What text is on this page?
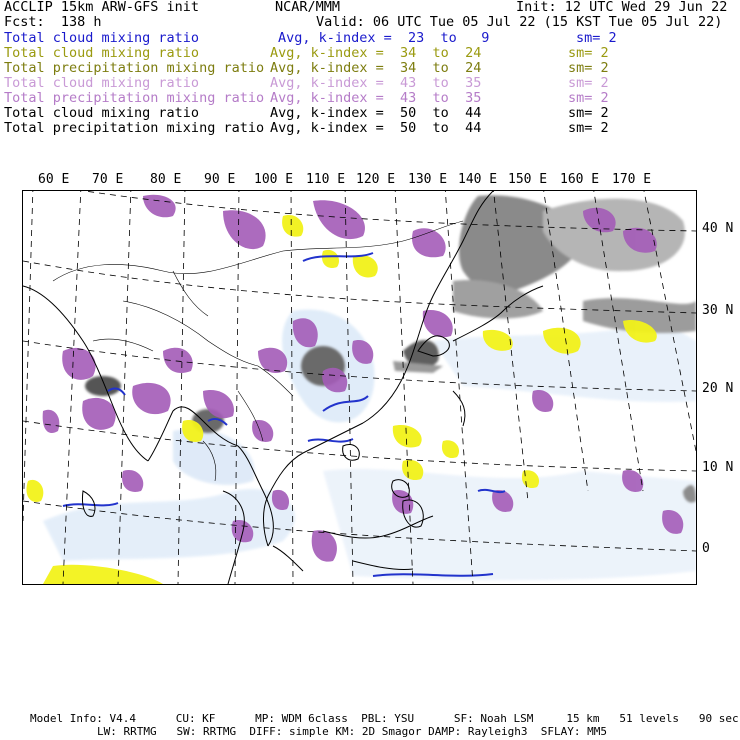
ACCLIP 15km ARW-GFS init	NCAR/MMM	Init: 12 UTC Wed 29 Jun 22
Fcst:  138 h	Valid: 06 UTC Tue 05 Jul 22 (15 KST Tue 05 Jul 22)
Total cloud mixing ratio	Avg, k-index =  23  to   9	sm= 2
Total cloud mixing ratio	Avg, k-index =  34  to  24	sm= 2
Total precipitation mixing ratio Avg, k-index =  34  to  24	sm= 2
Total cloud mixing ratio	Avg, k-index =  43  to  35	sm= 2
Total precipitation mixing ratio Avg, k-index =  43  to  35	sm= 2
Total cloud mixing ratio	Avg, k-index =  50  to  44	sm= 2
Total precipitation mixing ratio Avg, k-index =  50  to  44	sm= 2
60 E 70 E 80 E 90 E 100 E 110 E 120 E 130 E 140 E 150 E 160 E 170 E
40 N
30 N
20 N
10 N
0
Model Info: V4.4      CU: KF      MP: WDM 6class  PBL: YSU      SF: Noah LSM     15 km   51 levels   90 sec
LW: RRTMG   SW: RRTMG  DIFF: simple KM: 2D Smagor DAMP: Rayleigh3  SFLAY: MM5
